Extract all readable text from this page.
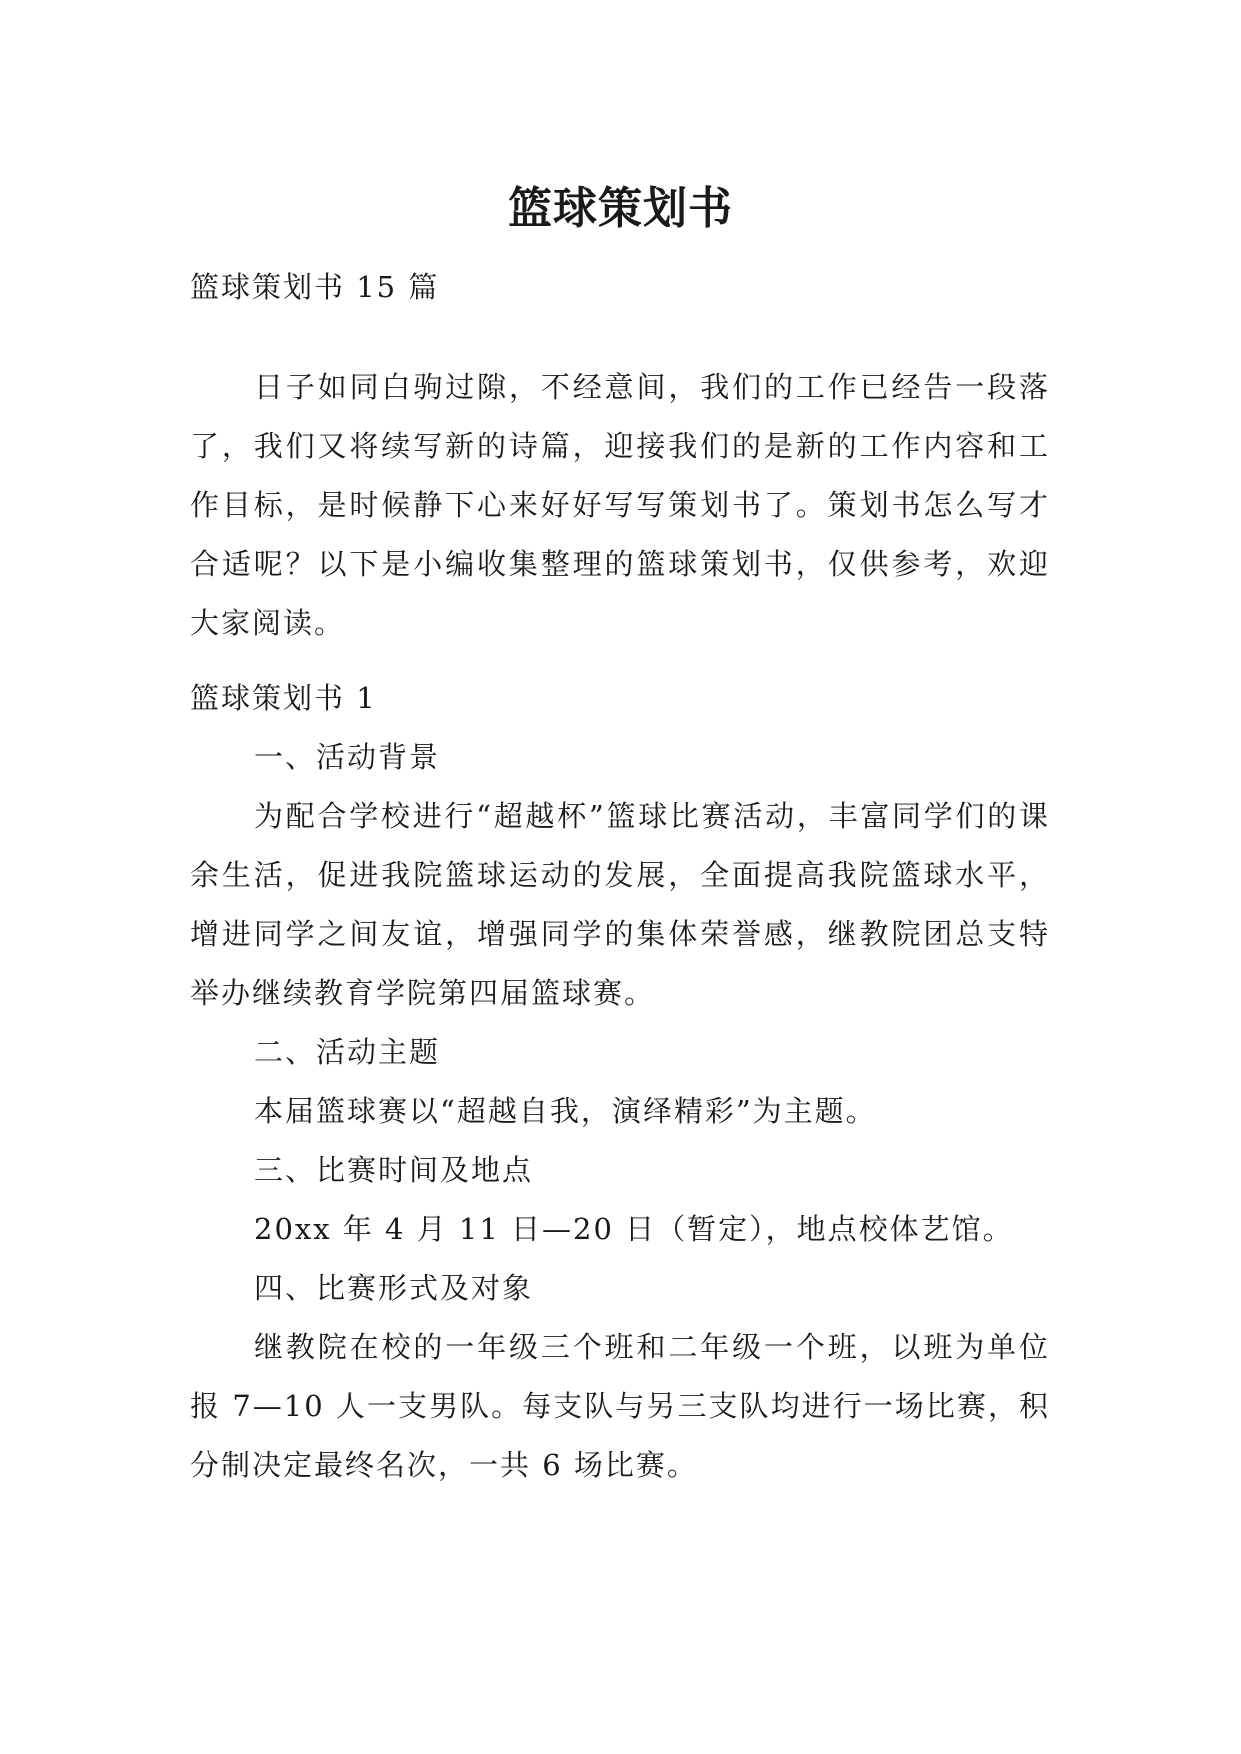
篮球策划书
篮球策划书 15 篇
日子如同白驹过隙，不经意间，我们的工作已经告一段落了，我们又将续写新的诗篇，迎接我们的是新的工作内容和工作目标，是时候静下心来好好写写策划书了。策划书怎么写才合适呢？以下是小编收集整理的篮球策划书，仅供参考，欢迎大家阅读。
篮球策划书 1
一、活动背景
为配合学校进行“超越杯”篮球比赛活动，丰富同学们的课余生活，促进我院篮球运动的发展，全面提高我院篮球水平，增进同学之间友谊，增强同学的集体荣誉感，继教院团总支特举办继续教育学院第四届篮球赛。
二、活动主题
本届篮球赛以“超越自我，演绎精彩”为主题。
三、比赛时间及地点
20xx 年 4 月 11 日—20 日（暂定），地点校体艺馆。
四、比赛形式及对象
继教院在校的一年级三个班和二年级一个班，以班为单位报 7—10 人一支男队。每支队与另三支队均进行一场比赛，积分制决定最终名次，一共 6 场比赛。
